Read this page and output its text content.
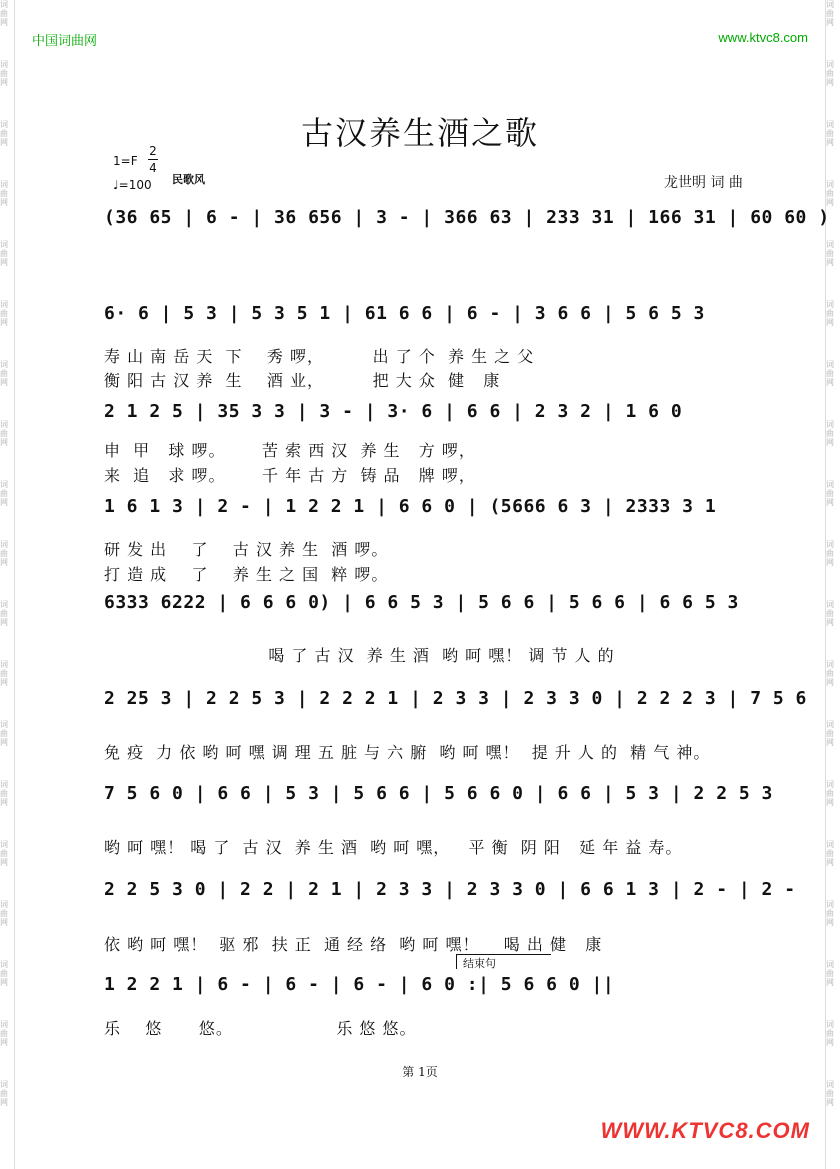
词曲网
词曲网
词曲网
词曲网
词曲网
词曲网
词曲网
词曲网
词曲网
词曲网
词曲网
词曲网
词曲网
词曲网
词曲网
词曲网
词曲网
词曲网
词曲网
词曲网
词曲网
词曲网
词曲网
词曲网
词曲网
词曲网
词曲网
词曲网
词曲网
词曲网
词曲网
词曲网
词曲网
词曲网
词曲网
词曲网
词曲网
词曲网
中国词曲网	www.ktvc8.com
古汉养生酒之歌
1=F
2
4
♩=100 民歌风	龙世明 词 曲
(36 65 | 6 - | 36 656 | 3 - | 366 63 | 233 31 | 166 31 | 60 60 )
6· 6 | 5 3 | 5 3 5 1 | 61 6 6 | 6 - | 3 6 6 | 5 6 5 3
寿 山 南 岳 天  下    秀 啰，        出 了 个  养 生 之 父
衡 阳 古 汉 养  生    酒 业，        把 大 众  健   康
2 1 2 5 | 35 3 3 | 3 - | 3· 6 | 6 6 | 2 3 2 | 1 6 0
申  甲   球 啰。      苦 索 西 汉  养 生   方 啰，
来  追   求 啰。      千 年 古 方  铸 品   牌 啰，
1 6 1 3 | 2 - | 1 2 2 1 | 6 6 0 | (5666 6 3 | 2333 3 1
研 发 出    了    古 汉 养 生  酒 啰。
打 造 成    了    养 生 之 国  粹 啰。
6333 6222 | 6 6 6 0) | 6 6 5 3 | 5 6 6 | 5 6 6 | 6 6 5 3
喝 了 古 汉  养 生 酒  哟 呵 嘿！ 调 节 人 的
2 25 3 | 2 2 5 3 | 2 2 2 1 | 2 3 3 | 2 3 3 0 | 2 2 2 3 | 7 5 6
免 疫  力 依 哟 呵 嘿 调 理 五 脏 与 六 腑  哟 呵 嘿！  提 升 人 的  精 气 神。
7 5 6 0 | 6 6 | 5 3 | 5 6 6 | 5 6 6 0 | 6 6 | 5 3 | 2 2 5 3
哟 呵 嘿！ 喝 了  古 汉  养 生 酒  哟 呵 嘿，   平 衡  阴 阳   延 年 益 寿。
2 2 5 3 0 | 2 2 | 2 1 | 2 3 3 | 2 3 3 0 | 6 6 1 3 | 2 - | 2 -
依 哟 呵 嘿！  驱 邪  扶 正  通 经 络  哟 呵 嘿！    喝 出 健   康
结束句
1 2 2 1 | 6 - | 6 - | 6 - | 6 0 :| 5 6 6 0 ||
乐    悠      悠。                 乐 悠 悠。
第 1页
WWW.KTVC8.COM
